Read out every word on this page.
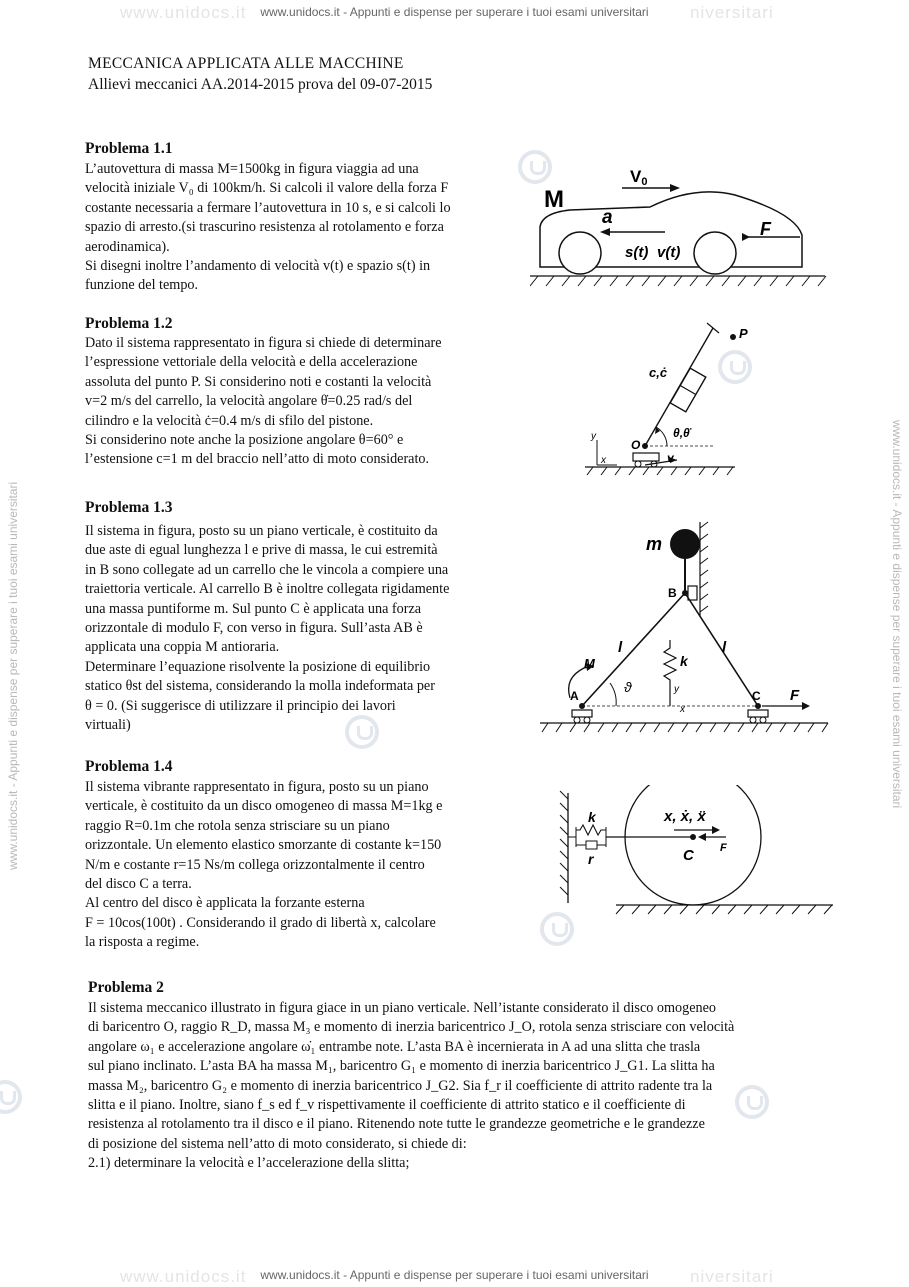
www.unidocs.it	niversitari
www.unidocs.it	niversitari
www.unidocs.it - Appunti e dispense per superare i tuoi esami universitari
www.unidocs.it - Appunti e dispense per superare i tuoi esami universitari
www.unidocs.it - Appunti e dispense per superare i tuoi esami universitari	www.unidocs.it - Appunti e dispense per superare i tuoi esami universitari
MECCANICA APPLICATA ALLE MACCHINE
Allievi meccanici AA.2014-2015 prova del 09-07-2015
Problema 1.1

L’autovettura di massa M=1500kg in figura viaggia ad una

velocità iniziale V₀ di 100km/h. Si calcoli il valore della forza F

costante necessaria a fermare l’autovettura in 10 s, e si calcoli lo

spazio di arresto.(si trascurino resistenza al rotolamento e forza

aerodinamica).

Si disegni inoltre l’andamento di velocità v(t) e spazio s(t) in

funzione del tempo.

M
V0
a
s(t) v(t)
F
Problema 1.2

Dato il sistema rappresentato in figura si chiede di determinare

l’espressione vettoriale della velocità e della accelerazione

assoluta del punto P. Si considerino noti e costanti la velocità

v=2 m/s del carrello, la velocità angolare θ̇=0.25 rad/s del

cilindro e la velocità ċ=0.4 m/s di sfilo del pistone.

Si considerino note anche la posizione angolare θ=60° e

l’estensione c=1 m del braccio nell’atto di moto considerato.

P
c,ċ
O
θ,θ̇
v
y
x
Problema 1.3

Il sistema in figura, posto su un piano verticale, è costituito da

due aste di egual lunghezza l e prive di massa, le cui estremità

in B sono collegate ad un carrello che le vincola a compiere una

traiettoria verticale. Al carrello B è inoltre collegata rigidamente

una massa puntiforme m. Sul punto C è applicata una forza

orizzontale di modulo F, con verso in figura. Sull’asta AB è

applicata una coppia M antioraria.

Determinare l’equazione risolvente la posizione di equilibrio

statico θst del sistema, considerando la molla indeformata per

θ = 0. (Si suggerisce di utilizzare il principio dei lavori

virtuali)

m
B
l	l
k
M
ϑ	y
x
A	C F
Problema 1.4

Il sistema vibrante rappresentato in figura, posto su un piano

verticale, è costituito da un disco omogeneo di massa M=1kg e

raggio R=0.1m che rotola senza strisciare su un piano

orizzontale. Un elemento elastico smorzante di costante k=150

N/m e costante r=15 Ns/m collega orizzontalmente il centro

del disco C a terra.

Al centro del disco è applicata la forzante esterna

F = 10cos(100t) . Considerando il grado di libertà x, calcolare

la risposta a regime.

k
r
x, ẋ, ẍ
C F
Problema 2

Il sistema meccanico illustrato in figura giace in un piano verticale. Nell’istante considerato il disco omogeneo

di baricentro O, raggio R_D, massa M₃ e momento di inerzia baricentrico J_O, rotola senza strisciare con velocità

angolare ω₁ e accelerazione angolare ω̇₁ entrambe note. L’asta BA è incernierata in A ad una slitta che trasla

sul piano inclinato. L’asta BA ha massa M₁, baricentro G₁ e momento di inerzia baricentrico J_G1. La slitta ha

massa M₂, baricentro G₂ e momento di inerzia baricentrico J_G2. Sia f_r il coefficiente di attrito radente tra la

slitta e il piano. Inoltre, siano f_s ed f_v rispettivamente il coefficiente di attrito statico e il coefficiente di

resistenza al rotolamento tra il disco e il piano. Ritenendo note tutte le grandezze geometriche e le grandezze

di posizione del sistema nell’atto di moto considerato, si chiede di:

2.1) determinare la velocità e l’accelerazione della slitta;
